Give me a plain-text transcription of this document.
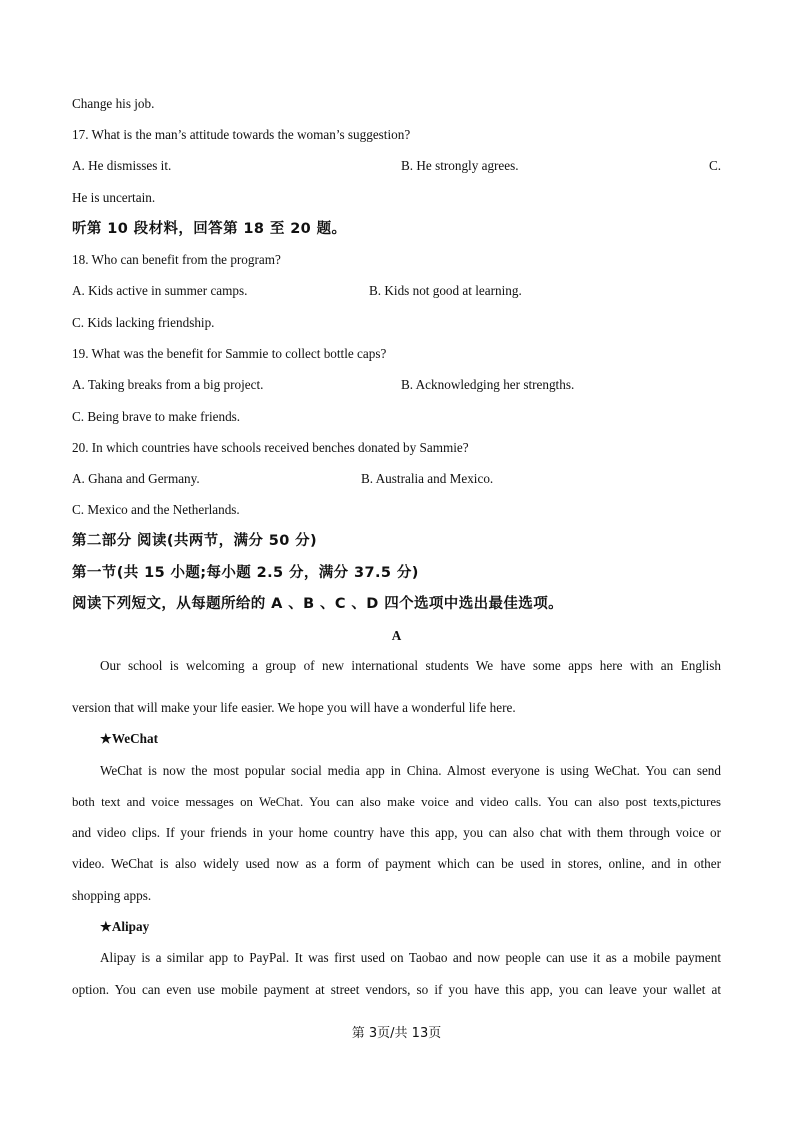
Change his job.
17. What is the man’s attitude towards the woman’s suggestion?
A. He dismisses it.	B. He strongly agrees.	C.
He is uncertain.
听第 10 段材料，回答第 18 至 20 题。
18. Who can benefit from the program?
A. Kids active in summer camps.	B. Kids not good at learning.
C. Kids lacking friendship.
19. What was the benefit for Sammie to collect bottle caps?
A. Taking breaks from a big project.	B. Acknowledging her strengths.
C. Being brave to make friends.
20. In which countries have schools received benches donated by Sammie?
A. Ghana and Germany.	B. Australia and Mexico.
C. Mexico and the Netherlands.
第二部分 阅读(共两节，满分 50 分)
第一节(共 15 小题;每小题 2.5 分，满分 37.5 分)
阅读下列短文，从每题所给的 A 、B 、C 、D 四个选项中选出最佳选项。
A
Our school is welcoming a group of new international students We have some apps here with an English
version that will make your life easier. We hope you will have a wonderful life here.
★WeChat
WeChat is now the most popular social media app in China. Almost everyone is using WeChat. You can send
both text and voice messages on WeChat. You can also make voice and video calls. You can also post texts,pictures
and video clips. If your friends in your home country have this app, you can also chat with them through voice or
video. WeChat is also widely used now as a form of payment which can be used in stores, online, and in other
shopping apps.
★Alipay
Alipay is a similar app to PayPal. It was first used on Taobao and now people can use it as a mobile payment
option. You can even use mobile payment at street vendors, so if you have this app, you can leave your wallet at
第 3页/共 13页
